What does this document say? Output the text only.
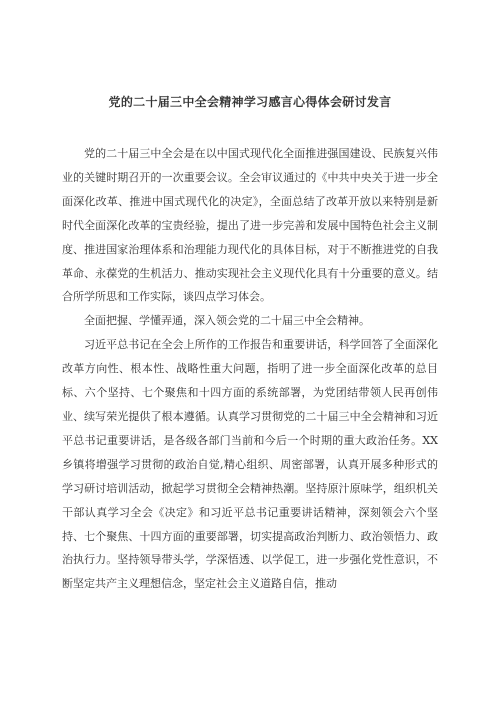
党的二十届三中全会精神学习感言心得体会研讨发言

党的二十届三中全会是在以中国式现代化全面推进强国建设、民族复兴伟业的关键时期召开的一次重要会议。全会审议通过的《中共中央关于进一步全面深化改革、推进中国式现代化的决定》，全面总结了改革开放以来特别是新时代全面深化改革的宝贵经验，提出了进一步完善和发展中国特色社会主义制度、推进国家治理体系和治理能力现代化的具体目标，对于不断推进党的自我革命、永葆党的生机活力、推动实现社会主义现代化具有十分重要的意义。结合所学所思和工作实际，谈四点学习体会。

全面把握、学懂弄通，深入领会党的二十届三中全会精神。

习近平总书记在全会上所作的工作报告和重要讲话，科学回答了全面深化改革方向性、根本性、战略性重大问题，指明了进一步全面深化改革的总目标、六个坚持、七个聚焦和十四方面的系统部署，为党团结带领人民再创伟业、续写荣光提供了根本遵循。认真学习贯彻党的二十届三中全会精神和习近平总书记重要讲话，是各级各部门当前和今后一个时期的重大政治任务。XX乡镇将增强学习贯彻的政治自觉,精心组织、周密部署，认真开展多种形式的学习研讨培训活动，掀起学习贯彻全会精神热潮。坚持原汁原味学，组织机关干部认真学习全会《决定》和习近平总书记重要讲话精神，深刻领会六个坚持、七个聚焦、十四方面的重要部署，切实提高政治判断力、政治领悟力、政治执行力。坚持领导带头学，学深悟透、以学促工，进一步强化党性意识，不断坚定共产主义理想信念，坚定社会主义道路自信，推动
